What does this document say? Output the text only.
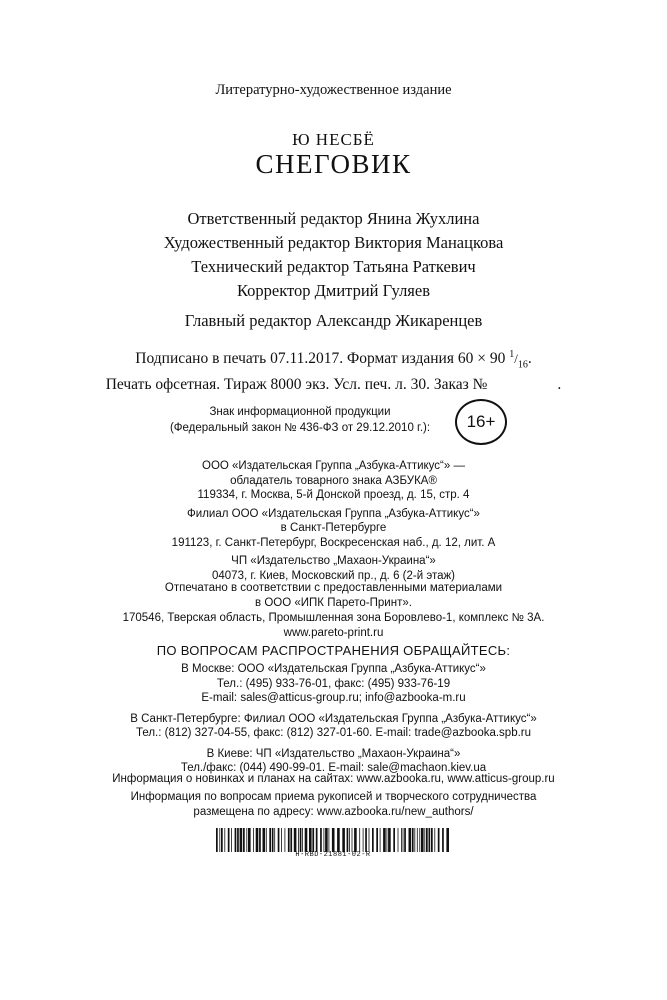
Литературно-художественное издание
Ю НЕСБЁ
СНЕГОВИК
Ответственный редактор Янина Жухлина
Художественный редактор Виктория Манацкова
Технический редактор Татьяна Раткевич
Корректор Дмитрий Гуляев
Главный редактор Александр Жикаренцев
Подписано в печать 07.11.2017. Формат издания 60 × 90 $^1/_{16}$.
Печать офсетная. Тираж 8000 экз. Усл. печ. л. 30. Заказ №	.
Знак информационной продукции
(Федеральный закон № 436-ФЗ от 29.12.2010 г.):	16+
ООО «Издательская Группа „Азбука-Аттикус“» —
обладатель товарного знака АЗБУКА®
119334, г. Москва, 5-й Донской проезд, д. 15, стр. 4
Филиал ООО «Издательская Группа „Азбука-Аттикус“»
в Санкт-Петербурге
191123, г. Санкт-Петербург, Воскресенская наб., д. 12, лит. А
ЧП «Издательство „Махаон-Украина“»
04073, г. Киев, Московский пр., д. 6 (2-й этаж)
Отпечатано в соответствии с предоставленными материалами
в ООО «ИПК Парето-Принт».
170546, Тверская область, Промышленная зона Боровлево-1, комплекс № 3А.
www.pareto-print.ru
ПО ВОПРОСАМ РАСПРОСТРАНЕНИЯ ОБРАЩАЙТЕСЬ:
В Москве: ООО «Издательская Группа „Азбука-Аттикус“»
Тел.: (495) 933-76-01, факс: (495) 933-76-19
E-mail: sales@atticus-group.ru; info@azbooka-m.ru
В Санкт-Петербурге: Филиал ООО «Издательская Группа „Азбука-Аттикус“»
Тел.: (812) 327-04-55, факс: (812) 327-01-60. E-mail: trade@azbooka.spb.ru
В Киеве: ЧП «Издательство „Махаон-Украина“»
Тел./факс: (044) 490-99-01. E-mail: sale@machaon.kiev.ua
Информация о новинках и планах на сайтах: www.azbooka.ru, www.atticus-group.ru
Информация по вопросам приема рукописей и творческого сотрудничества
размещена по адресу: www.azbooka.ru/new_authors/
Н-RBD-21881-02-R
